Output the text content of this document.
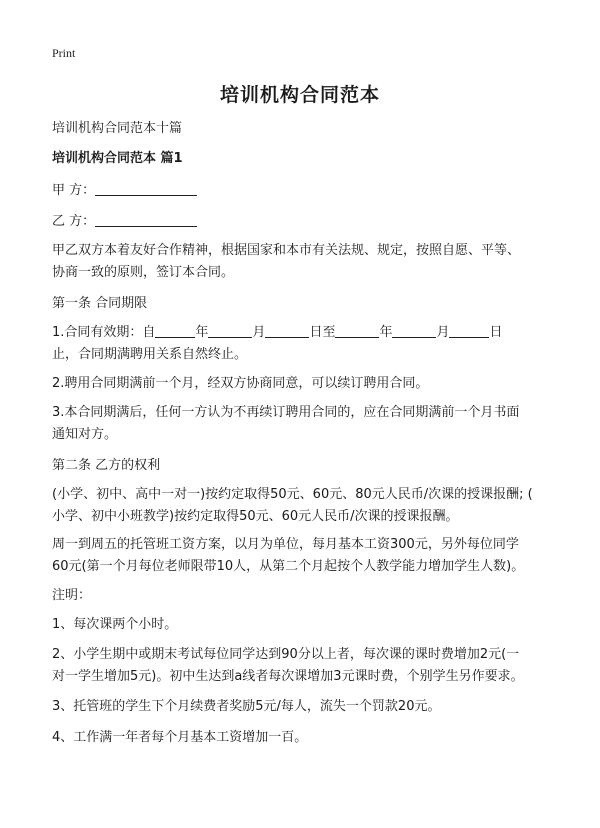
Print
培训机构合同范本

培训机构合同范本十篇

培训机构合同范本 篇1

甲 方：

乙 方：

甲乙双方本着友好合作精神，根据国家和本市有关法规、规定，按照自愿、平等、

协商一致的原则，签订本合同。

第一条 合同期限

1.合同有效期：自	年	月	日至	年	月	日

止，合同期满聘用关系自然终止。

2.聘用合同期满前一个月，经双方协商同意，可以续订聘用合同。

3.本合同期满后，任何一方认为不再续订聘用合同的，应在合同期满前一个月书面

通知对方。

第二条 乙方的权利

(小学、初中、高中一对一)按约定取得50元、60元、80元人民币/次课的授课报酬; (

小学、初中小班教学)按约定取得50元、60元人民币/次课的授课报酬。

周一到周五的托管班工资方案，以月为单位，每月基本工资300元，另外每位同学

60元(第一个月每位老师限带10人，从第二个月起按个人教学能力增加学生人数)。

注明：

1、每次课两个小时。

2、小学生期中或期末考试每位同学达到90分以上者，每次课的课时费增加2元(一

对一学生增加5元)。初中生达到a线者每次课增加3元课时费，个别学生另作要求。

3、托管班的学生下个月续费者奖励5元/每人，流失一个罚款20元。

4、工作满一年者每个月基本工资增加一百。
